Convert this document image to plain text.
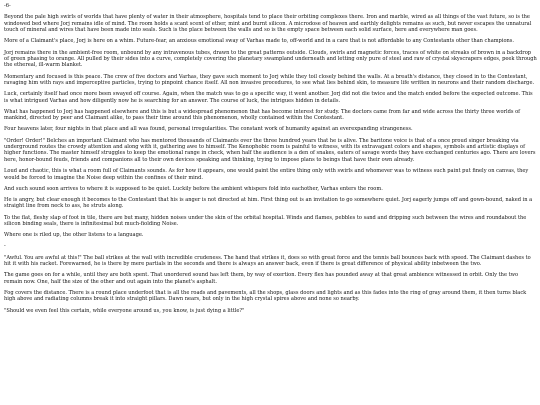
-6-

Beyond the pale high swirls of worlds that have plenty of water in their atmosphere, hospitals tend to place their orbiting complexes there. Iron and marble, wired as all things of the vast future, so is the windowed bed where Jorj remains idle of mind. The room holds a scant scent of ether, mint and burnt silicon. A microdose of heaven and earthly delights remains as such, but never escapes the unnatural touch of mineral and wires that have been made into seals. Such is the place between the walls and so is the empty space between each solid surface, here and everywhere man goes.

More of a Claimant's place, Jorj is here on a whim. Future-fear, an anxious emotional sway of Varhas made to, off-world and in a care that is not affordable to any Contestants other than champions.

Jorj remains there in the ambient-free room, unbound by any intravenous tubes, drawn to the great patterns outside. Clouds, swirls and magnetic forces, traces of white on streaks of brown in a backdrop of green phasing to orange. All pulled by their sides into a curve, completely covering the planetary swampland underneath and letting only pure of steel and raw of crystal skyscrapers edges, peek through the ethereal, ill-warm blanket.

Momentary and focused is this peace. The crew of five doctors and Varhas, they gave such moment to Jorj while they toil closely behind the walls. At a breath's distance, they closed in to the Contestant, ravaging him with rays and imperceptive particles, trying to pinpoint chance itself. All non invasive procedures, to see what lies behind skin, to measure life written in neurons and their random discharge.

Luck, certainly itself had once more been swayed off course. Again, when the match was to go a specific way, it went another. Jorj did not die twice and the match ended before the expected outcome. This is what intrigued Varhas and how diligently now he is searching for an answer. The course of luck, the intrigues hidden in details.

What has happened to Jorj has happened elsewhere and this is but a widespread phenomenon that has become interest for study. The doctors came from far and wide across the thirty three worlds of mankind, directed by peer and Claimant alike, to pass their time around this phenomenon, wholly contained within the Contestant.

Four heavens later, four nights in that place and all was found, personal irregularities. The constant work of humanity against an everexpanding strangeness.

"Order! Order!" Belches an important Claimant who has mentored thousands of Claimants over the three hundred years that he is alive. The baritone voice is that of a once proud singer breaking via underground routes the crowdy attention and along with it, gathering awe to himself. The Kenophobic room is painful to witness, with its extravagant colors and shapes, symbols and artistic displays of higher functions. The master himself struggles to keep the emotional range in check, when half the audience is a den of snakes, eaters of savage words they have exchanged centuries ago. There are lovers here, honor-bound feuds, friends and companions all to their own devices speaking and thinking, trying to impose plans to beings that have their own already.

Loud and chaotic, this is what a room full of Claimants sounds. As for how it appears, one would paint the entire thing only with swirls and whomever was to witness such paint put finely on canvas, they would be forced to imagine the Noise deep within the confines of their mind.

And such sound soon arrives to where it is supposed to be quiet. Luckily before the ambient whispers fold into eachother, Varhas enters the room.

He is angry, but clear enough it becomes to the Contestant that his is anger is not directed at him. First thing out is an invitation to go somewhere quiet. Jorj eagerly jumps off and gown-bound, naked in a straight line from neck to ass, he struts along.

To the flat, fleshy slap of foot in tile, there are but many, hidden noises under the skin of the orbital hospital. Winds and flames, pebbles to sand and dripping such between the wires and roundabout the silicon binding seals, there is infinitesimal but much-fiolding Noise.

Where one is riled up, the other listens to a language.

-

"Awful. You are awful at this!" The ball strikes at the wall with incredible crudeness. The hand that strikes it, does so with great force and the tennis ball bounces back with speed. The Claimant dashes to hit it with his racket. Forewarned, he is there by mere partials in the seconds and there is always an answer back, even if there is great difference of physical ability inbetween the two.

The game goes on for a while, until they are both spent. That unordered sound has left them, by way of exertion. Every flex has pounded away at that great ambience witnessed in orbit. Only the two remain now. One, half the size of the other and out again into the planet's asphalt.

Fog covers the distance. There is a round place underfoot that is all the roads and pavements, all the shops, glass doors and lights and as this fades into the ring of gray around them, it then turns black high above and radiating columns break it into straight pillars. Dawn nears, but only in the high crystal spires above and none so nearby.

"Should we even feel this certain, while everyone around us, you know, is just dying a little?"
